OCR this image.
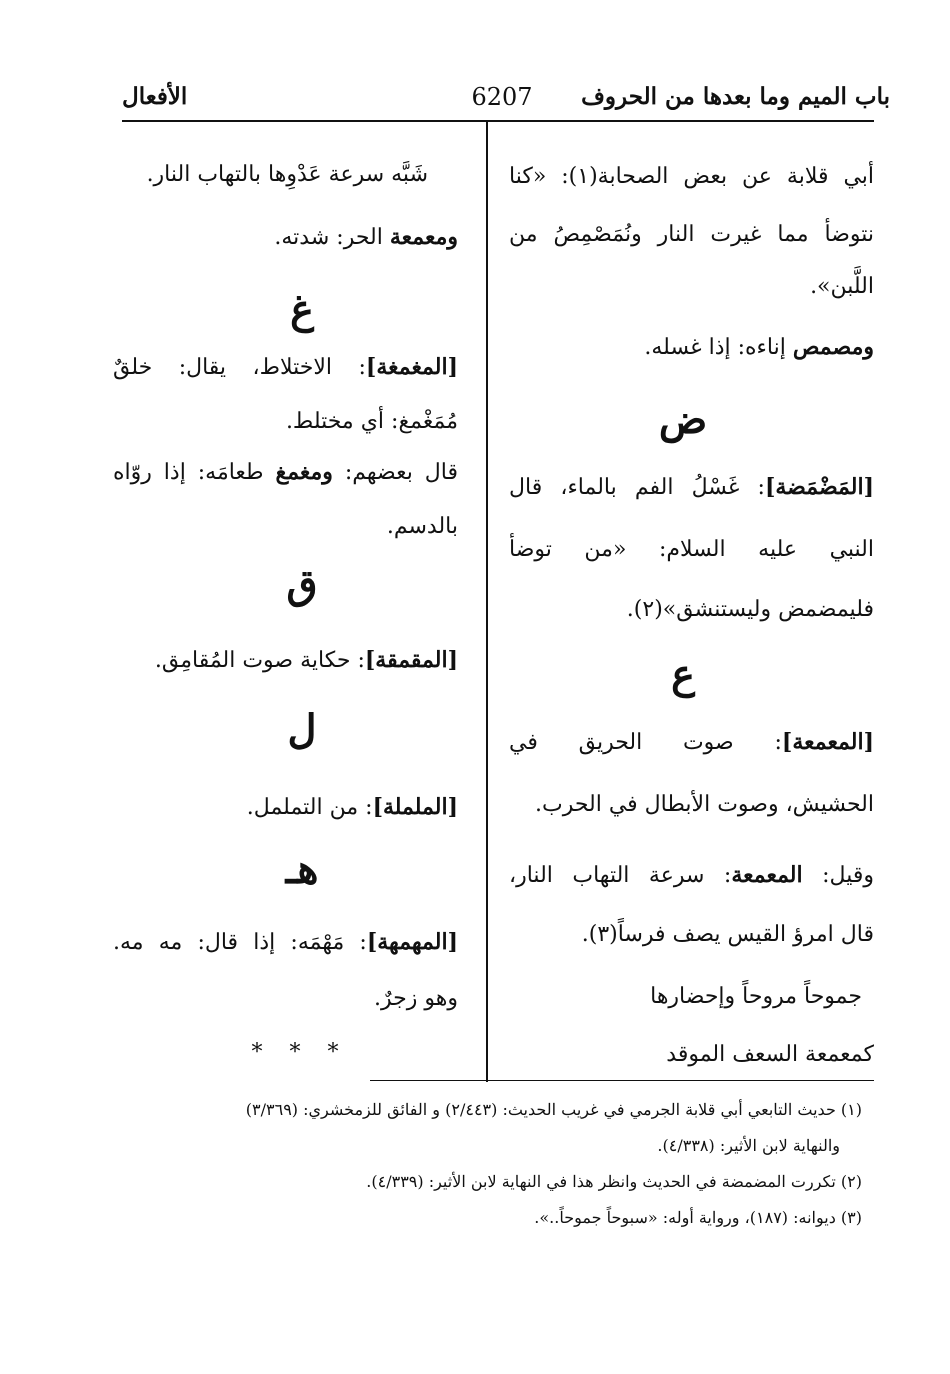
باب الميم وما بعدها من الحروف
6207
الأفعال
أبي قلابة عن بعض الصحابة(١): «كنا
نتوضأ مما غيرت النار ونُمَصْمِصُ من
اللَّبن».
ومصمص إناءه: إذا غسله.
ض
[المَضْمَضة]: غَسْلُ الفم بالماء، قال
النبي عليه السلام: «من توضأ
فليمضمض وليستنشق»(٢).
ع
[المعمعة]: صوت الحريق في
الحشيش، وصوت الأبطال في الحرب.
وقيل: المعمعة: سرعة التهاب النار،
قال امرؤ القيس يصف فرساً(٣).
جموحاً مروحاً وإحضارها
كمعمعة السعف الموقد
شَبَّه سرعة عَدْوِها بالتهاب النار.
ومعمعة الحر: شدته.
غ
[المغمغة]: الاختلاط، يقال: خلقٌ
مُمَغْمغ: أي مختلط.
قال بعضهم: ومغمغ طعامَه: إذا روّاه
بالدسم.
ق
[المقمقة]: حكاية صوت المُقامِق.
ل
[الململة]: من التململ.
هـ
[المهمهة]: مَهْمَه: إذا قال: مه مه.
وهو زجرٌ.
* * *
(١) حديث التابعي أبي قلابة الجرمي في غريب الحديث: (٢/٤٤٣) و الفائق للزمخشري: (٣/٣٦٩)
والنهاية لابن الأثير: (٤/٣٣٨).
(٢) تكررت المضمضة في الحديث وانظر هذا في النهاية لابن الأثير: (٤/٣٣٩).
(٣) ديوانه: (١٨٧)، ورواية أوله: «سبوحاً جموحاً..».
